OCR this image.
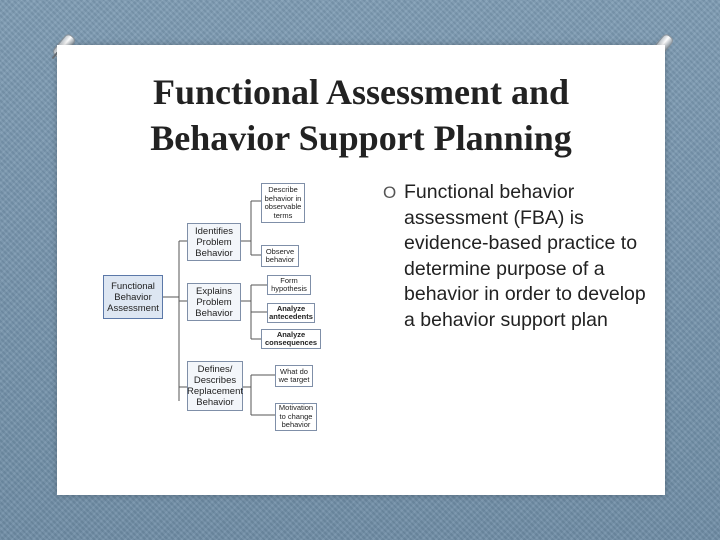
Functional Assessment and
Behavior Support Planning
Functional
Behavior
Assessment
Identifies
Problem
Behavior
Explains
Problem
Behavior
Defines/
Describes
Replacement
Behavior
Describe
behavior in
observable
terms
Observe
behavior
Form
hypothesis
Analyze
antecedents
Analyze
consequences
What do
we target
Motivation
to change
behavior
O Functional behavior assessment (FBA) is evidence-based practice to determine purpose of a behavior in order to develop a behavior support plan
